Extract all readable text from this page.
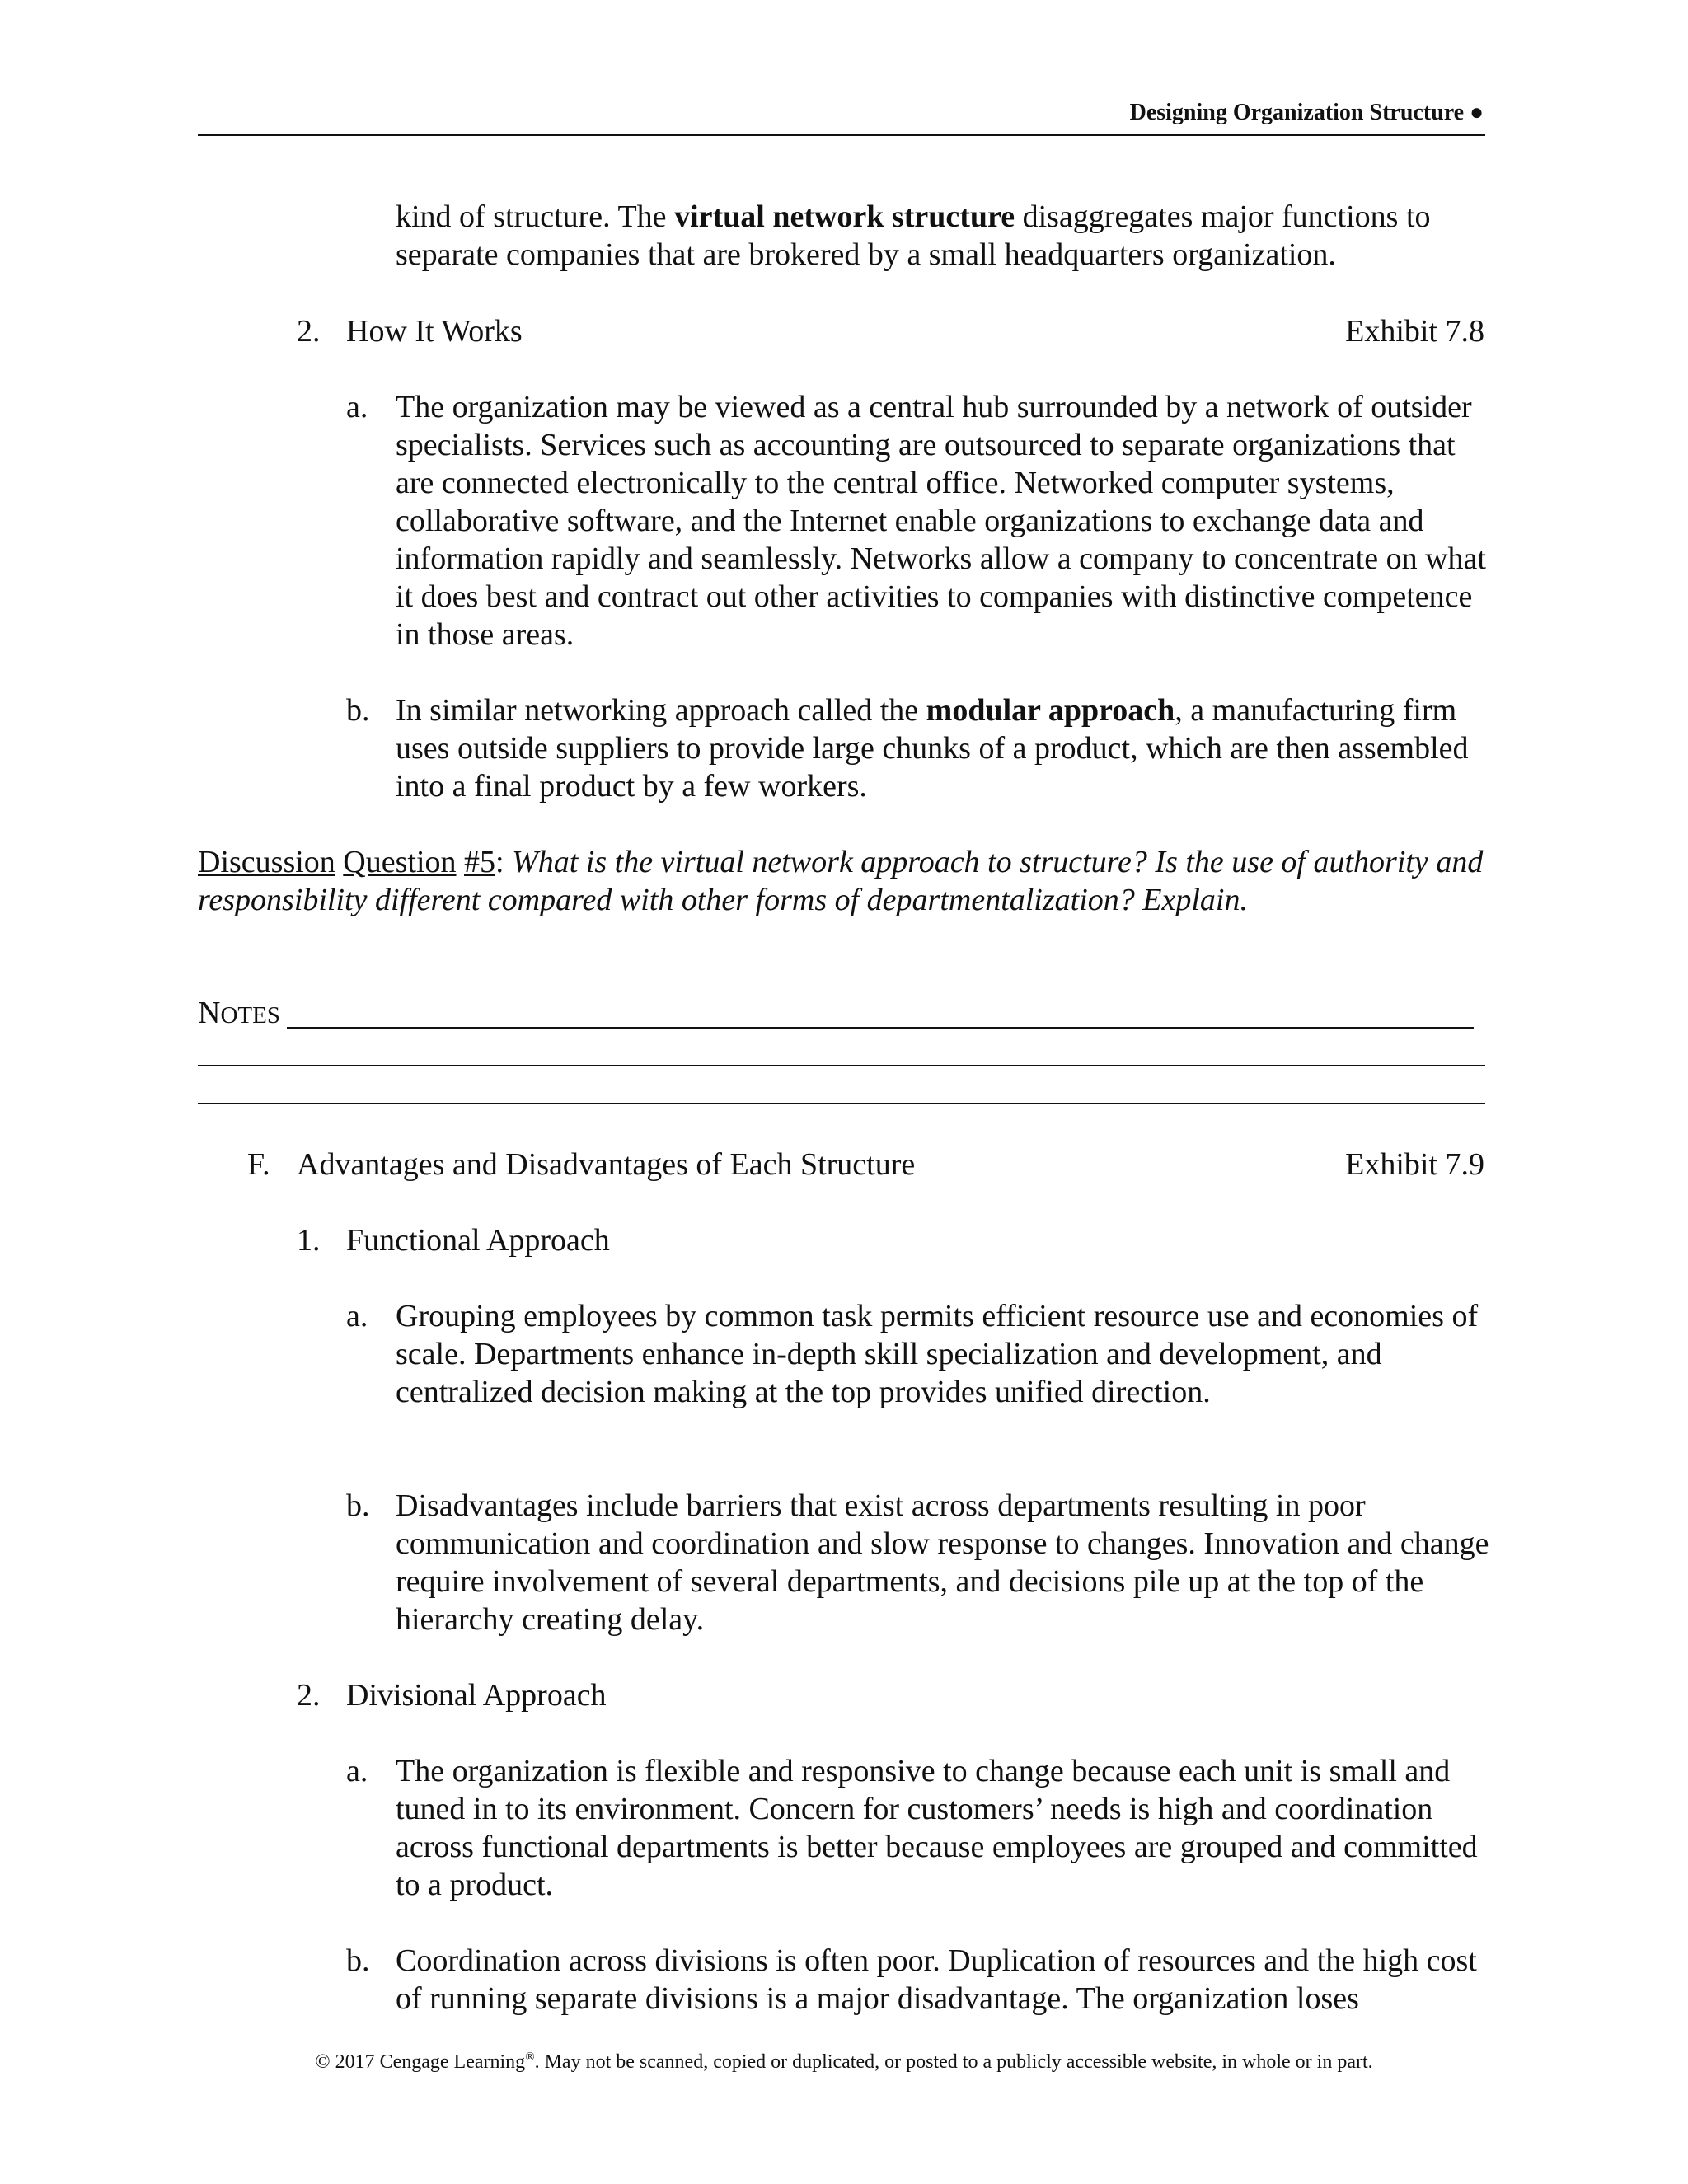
Designing Organization Structure ●

kind of structure. The virtual network structure disaggregates major functions to separate companies that are brokered by a small headquarters organization.

2. How It Works	Exhibit 7.8
a. The organization may be viewed as a central hub surrounded by a network of outsider specialists. Services such as accounting are outsourced to separate organizations that are connected electronically to the central office. Networked computer systems, collaborative software, and the Internet enable organizations to exchange data and information rapidly and seamlessly. Networks allow a company to concentrate on what it does best and contract out other activities to companies with distinctive competence in those areas.

b. In similar networking approach called the modular approach, a manufacturing firm uses outside suppliers to provide large chunks of a product, which are then assembled into a final product by a few workers.

Discussion Question #5: What is the virtual network approach to structure? Is the use of authority and responsibility different compared with other forms of departmentalization? Explain.

NOTES
F. Advantages and Disadvantages of Each Structure	Exhibit 7.9
1. Functional Approach
a. Grouping employees by common task permits efficient resource use and economies of scale. Departments enhance in-depth skill specialization and development, and centralized decision making at the top provides unified direction.

b. Disadvantages include barriers that exist across departments resulting in poor communication and coordination and slow response to changes. Innovation and change require involvement of several departments, and decisions pile up at the top of the hierarchy creating delay.

2. Divisional Approach
a. The organization is flexible and responsive to change because each unit is small and tuned in to its environment. Concern for customers’ needs is high and coordination across functional departments is better because employees are grouped and committed to a product.

b. Coordination across divisions is often poor. Duplication of resources and the high cost of running separate divisions is a major disadvantage. The organization loses

© 2017 Cengage Learning®. May not be scanned, copied or duplicated, or posted to a publicly accessible website, in whole or in part.
